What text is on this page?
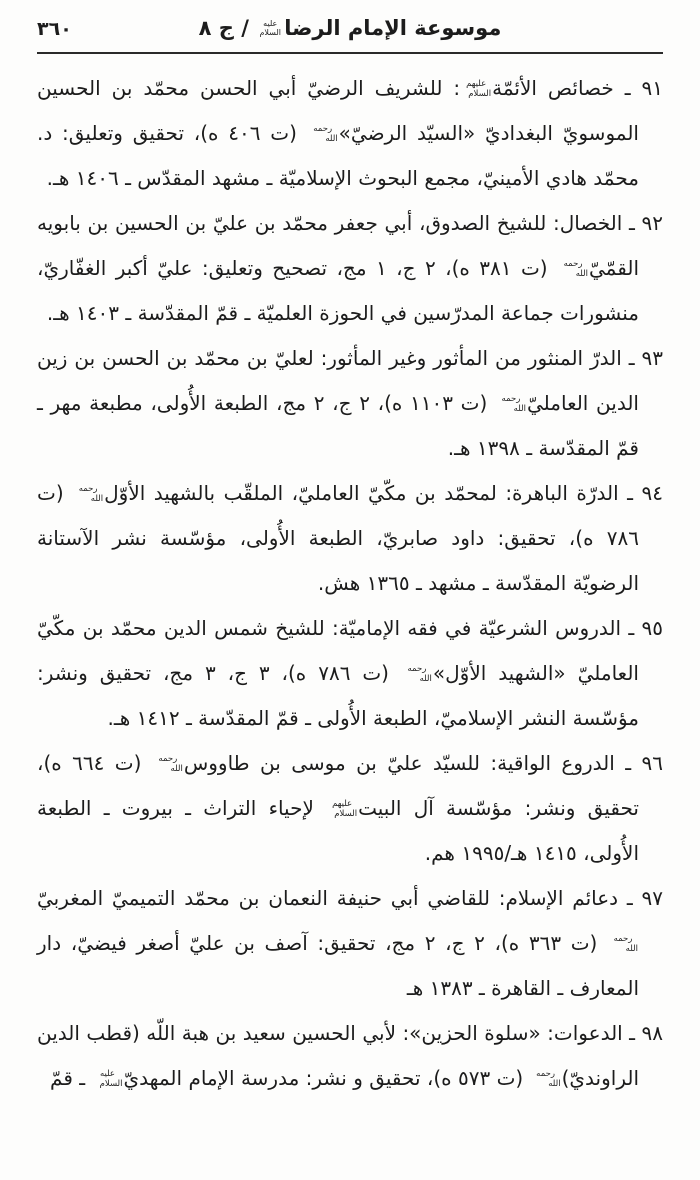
٣٦٠	موسوعة الإمام الرضاعليه السلام / ج ٨

٩١ ـ خصائص الأئمّةعليهم السلام: للشريف الرضيّ أبي الحسن محمّد بن الحسين الموسويّ البغداديّ «السيّد الرضيّ»رحمه الله (ت ٤٠٦ ه)، تحقيق وتعليق: د. محمّد هادي الأمينيّ، مجمع البحوث الإسلاميّة ـ مشهد المقدّس ـ ١٤٠٦ هـ.

٩٢ ـ الخصال: للشيخ الصدوق، أبي جعفر محمّد بن عليّ بن الحسين بن بابويه القمّيّرحمه الله (ت ٣٨١ ه)، ٢ ج، ١ مج، تصحيح وتعليق: عليّ أكبر الغفّاريّ، منشورات جماعة المدرّسين في الحوزة العلميّة ـ قمّ المقدّسة ـ ١٤٠٣ هـ.

٩٣ ـ الدرّ المنثور من المأثور وغير المأثور: لعليّ بن محمّد بن الحسن بن زين الدين العامليّرحمه الله (ت ١١٠٣ ه)، ٢ ج، ٢ مج، الطبعة الأُولى، مطبعة مهر ـ قمّ المقدّسة ـ ١٣٩٨ هـ.

٩٤ ـ الدرّة الباهرة: لمحمّد بن مكّيّ العامليّ، الملقّب بالشهيد الأوّلرحمه الله (ت ٧٨٦ ه)، تحقيق: داود صابريّ، الطبعة الأُولى، مؤسّسة نشر الآستانة الرضويّة المقدّسة ـ مشهد ـ ١٣٦٥ هش.

٩٥ ـ الدروس الشرعيّة في فقه الإماميّة: للشيخ شمس الدين محمّد بن مكّيّ العامليّ «الشهيد الأوّل»رحمه الله (ت ٧٨٦ ه)، ٣ ج، ٣ مج، تحقيق ونشر: مؤسّسة النشر الإسلاميّ، الطبعة الأُولى ـ قمّ المقدّسة ـ ١٤١٢ هـ.

٩٦ ـ الدروع الواقية: للسيّد عليّ بن موسى بن طاووسرحمه الله (ت ٦٦٤ ه)، تحقيق ونشر: مؤسّسة آل البيتعليهم السلام لإحياء التراث ـ بيروت ـ الطبعة الأُولى، ١٤١٥ هـ/١٩٩٥ هم.

٩٧ ـ دعائم الإسلام: للقاضي أبي حنيفة النعمان بن محمّد التميميّ المغربيّرحمه الله (ت ٣٦٣ ه)، ٢ ج، ٢ مج، تحقيق: آصف بن عليّ أصغر فيضيّ، دار المعارف ـ القاهرة ـ ١٣٨٣ هـ

٩٨ ـ الدعوات: «سلوة الحزين»: لأبي الحسين سعيد بن هبة اللّه (قطب الدين الراونديّ)رحمه الله (ت ٥٧٣ ه)، تحقيق و نشر: مدرسة الإمام المهديّعليه السلام ـ قمّ
